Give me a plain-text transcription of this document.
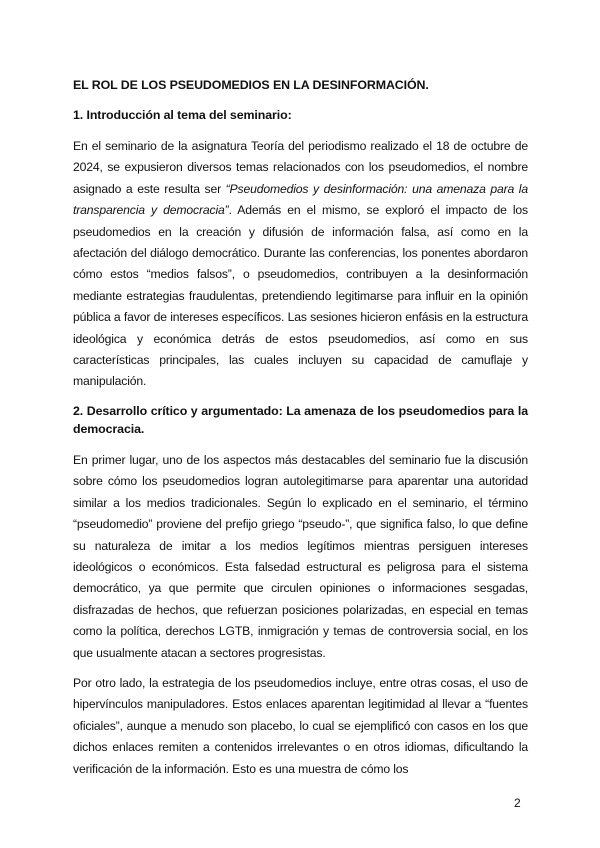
EL ROL DE LOS PSEUDOMEDIOS EN LA DESINFORMACIÓN.
1. Introducción al tema del seminario:

En el seminario de la asignatura Teoría del periodismo realizado el 18 de octubre de 2024, se expusieron diversos temas relacionados con los pseudomedios, el nombre asignado a este resulta ser “Pseudomedios y desinformación: una amenaza para la transparencia y democracia”. Además en el mismo, se exploró el impacto de los pseudomedios en la creación y difusión de información falsa, así como en la afectación del diálogo democrático. Durante las conferencias, los ponentes abordaron cómo estos “medios falsos”, o pseudomedios, contribuyen a la desinformación mediante estrategias fraudulentas, pretendiendo legitimarse para influir en la opinión pública a favor de intereses específicos. Las sesiones hicieron enfásis en la estructura ideológica y económica detrás de estos pseudomedios, así como en sus características principales, las cuales incluyen su capacidad de camuflaje y manipulación.

2. Desarrollo crítico y argumentado: La amenaza de los pseudomedios para la democracia.

En primer lugar, uno de los aspectos más destacables del seminario fue la discusión sobre cómo los pseudomedios logran autolegitimarse para aparentar una autoridad similar a los medios tradicionales. Según lo explicado en el seminario, el término “pseudomedio” proviene del prefijo griego “pseudo-”, que significa falso, lo que define su naturaleza de imitar a los medios legítimos mientras persiguen intereses ideológicos o económicos. Esta falsedad estructural es peligrosa para el sistema democrático, ya que permite que circulen opiniones o informaciones sesgadas, disfrazadas de hechos, que refuerzan posiciones polarizadas, en especial en temas como la política, derechos LGTB, inmigración y temas de controversia social, en los que usualmente atacan a sectores progresistas.

Por otro lado, la estrategia de los pseudomedios incluye, entre otras cosas, el uso de hipervínculos manipuladores. Estos enlaces aparentan legitimidad al llevar a “fuentes oficiales”, aunque a menudo son placebo, lo cual se ejemplificó con casos en los que dichos enlaces remiten a contenidos irrelevantes o en otros idiomas, dificultando la verificación de la información. Esto es una muestra de cómo los

2
